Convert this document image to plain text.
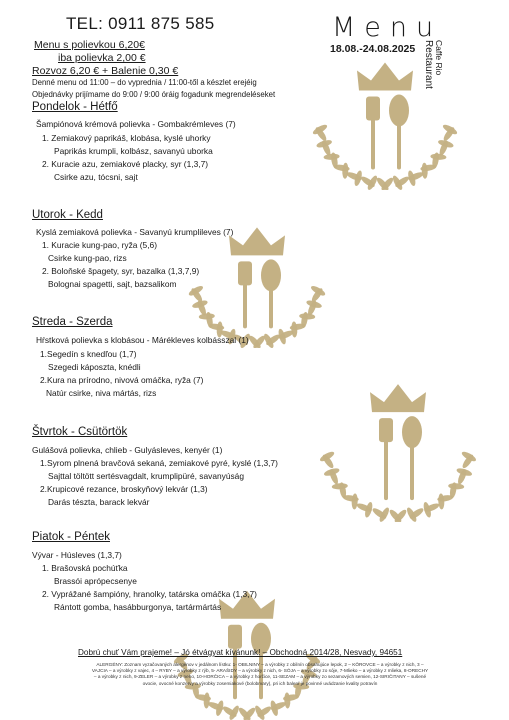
TEL: 0911 875 585
Menu s polievkou 6,20€
iba polievka 2,00 €
Rozvoz 6,20 € + Balenie 0,30 €
Denné menu od 11:00 – do vyprednia / 11:00-től a készlet erejéig
Objednávky prijímame do 9:00 / 9:00 óráig fogadunk megrendeléseket
Menu
18.08.-24.08.2025 Caffe Rio
Restaurant
Pondelok - Hétfő
Šampiónová krémová polievka - Gombakrémleves (7)
1. Zemiakový paprikáš, klobása, kyslé uhorky
Paprikás krumpli, kolbász, savanyú uborka
2. Kuracie azu, zemiakové placky, syr (1,3,7)
Csirke azu, tócsni, sajt
Utorok - Kedd
Kyslá zemiaková polievka - Savanyú krumplileves (7)
1. Kuracie kung-pao, ryža (5,6)
Csirke kung-pao, rizs
2. Boloňské špagety, syr, bazalka (1,3,7,9)
Bolognai spagetti, sajt, bazsalikom
Streda - Szerda
Hŕstková polievka s klobásou - Márékleves kolbásszal (1)
1.Segedín s knedľou (1,7)
Szegedi káposzta, knédli
2.Kura na prírodno, nivová omáčka, ryža (7)
Natúr csirke, niva mártás, rizs
Štvrtok - Csütörtök
Gulášová polievka, chlieb - Gulyásleves, kenyér (1)
1.Syrom plnená bravčová sekaná, zemiakové pyré, kyslé (1,3,7)
Sajttal töltött sertésvagdalt, krumplipüré, savanyúság
2.Krupicové rezance, broskyňový lekvár (1,3)
Darás tészta, barack lekvár
Piatok - Péntek
Vývar - Húsleves (1,3,7)
1. Brašovská pochúťka
Brassói aprópecsenye
2. Vyprážané šampióny, hranolky, tatárska omáčka (1,3,7)
Rántott gomba, hasábburgonya, tartármártás
Dobrú chuť Vám prajeme! – Jó étvágyat kívánunk! – Obchodná 2014/28, Nesvady, 94651
ALERGÉNY: Zoznam vyzačovaných alergénov v jedálnom lístku: 1- OBILNINY – a výrobky z obilnín obsahujúce lepok, 2 – KÔROVCE – a výrobky z nich, 3 – VAJCIA – a výrobky z vajec, 4 – RYBY – a výrobky z rýb, 5- ARAŠIDY – a výrobky z nich, 6- SÓJA – a výrobky zo sóje, 7-Mlieko – a výrobky z mlieka, 8-ORECHY – a výrobky z nich, 9-ZELER – a výrobky z neho, 10-HORČICA – a výrobky z horčice, 11-SEZAM – a výrobky zo sezamových semien, 12-SIRIČITANY – sušené ovocie, ovocné konzervy a výrobky zosemiakové (bolobrvary), pri ich balení je povinné uvádzanie kvality potravín
